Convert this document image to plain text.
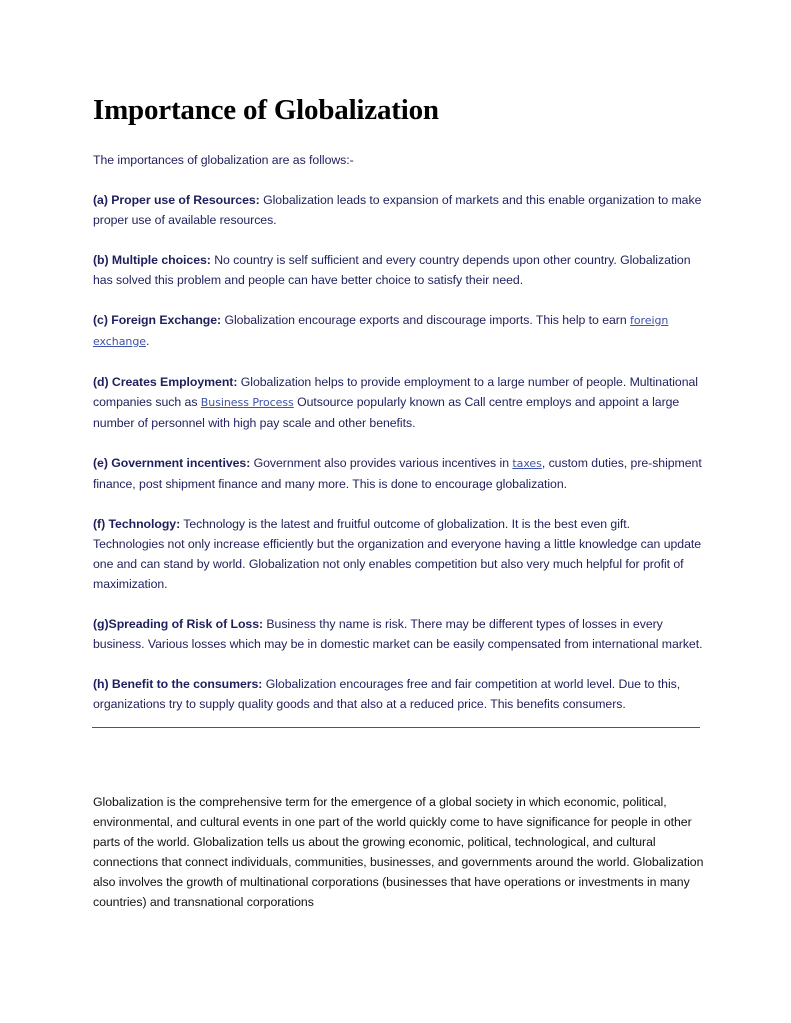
Importance of Globalization

The importances of globalization are as follows:-

(a) Proper use of Resources: Globalization leads to expansion of markets and this enable organization to make proper use of available resources.

(b) Multiple choices: No country is self sufficient and every country depends upon other country. Globalization has solved this problem and people can have better choice to satisfy their need.

(c) Foreign Exchange: Globalization encourage exports and discourage imports. This help to earn foreign exchange.

(d) Creates Employment: Globalization helps to provide employment to a large number of people. Multinational companies such as Business Process Outsource popularly known as Call centre employs and appoint a large number of personnel with high pay scale and other benefits.

(e) Government incentives: Government also provides various incentives in taxes, custom duties, pre-shipment finance, post shipment finance and many more. This is done to encourage globalization.

(f) Technology: Technology is the latest and fruitful outcome of globalization. It is the best even gift. Technologies not only increase efficiently but the organization and everyone having a little knowledge can update one and can stand by world. Globalization not only enables competition but also very much helpful for profit of maximization.

(g)Spreading of Risk of Loss: Business thy name is risk. There may be different types of losses in every business. Various losses which may be in domestic market can be easily compensated from international market.

(h) Benefit to the consumers: Globalization encourages free and fair competition at world level. Due to this, organizations try to supply quality goods and that also at a reduced price. This benefits consumers.

Globalization is the comprehensive term for the emergence of a global society in which economic, political, environmental, and cultural events in one part of the world quickly come to have significance for people in other parts of the world. Globalization tells us about the growing economic, political, technological, and cultural connections that connect individuals, communities, businesses, and governments around the world. Globalization also involves the growth of multinational corporations (businesses that have operations or investments in many countries) and transnational corporations
